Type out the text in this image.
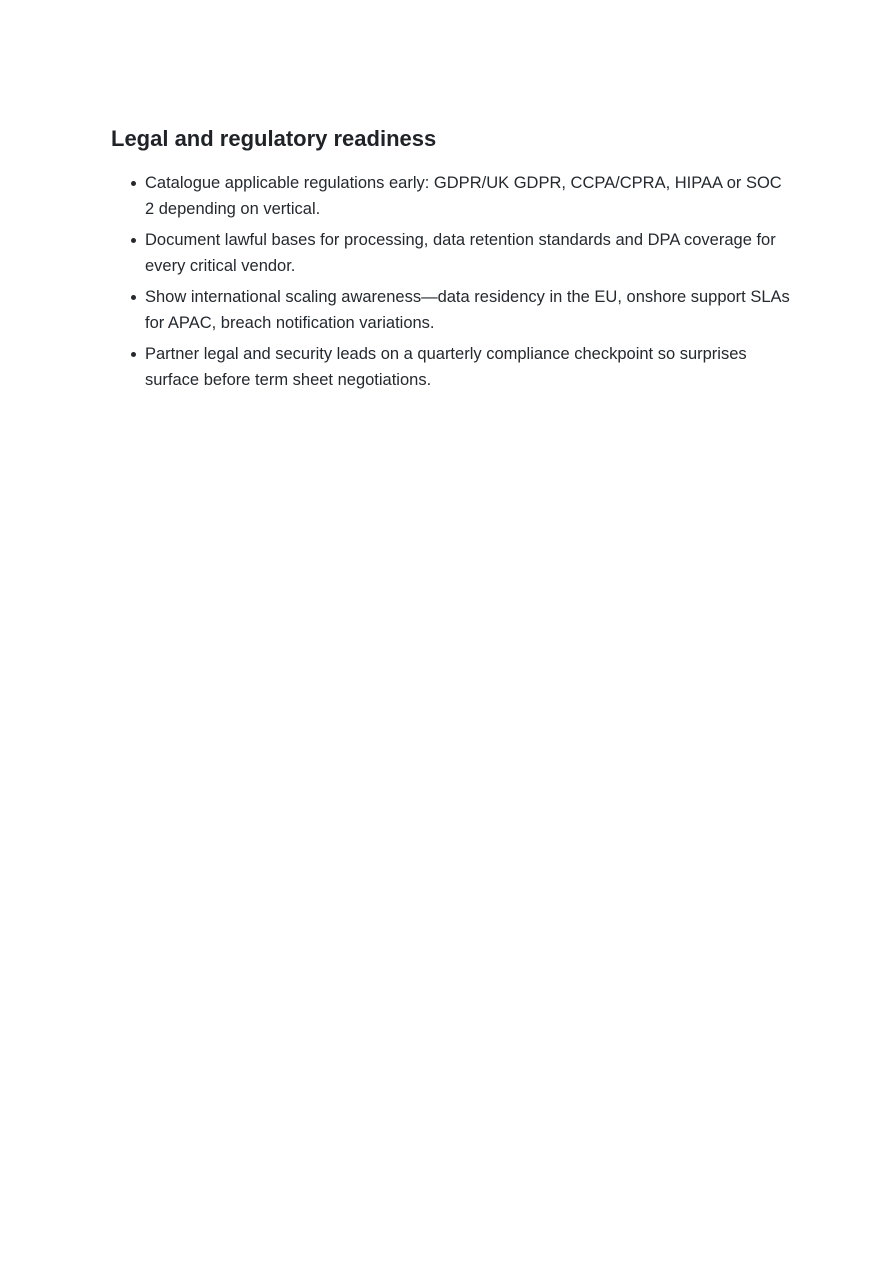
Legal and regulatory readiness
Catalogue applicable regulations early: GDPR/UK GDPR, CCPA/CPRA, HIPAA or SOC 2 depending on vertical.
Document lawful bases for processing, data retention standards and DPA coverage for every critical vendor.
Show international scaling awareness—data residency in the EU, onshore support SLAs for APAC, breach notification variations.
Partner legal and security leads on a quarterly compliance checkpoint so surprises surface before term sheet negotiations.
